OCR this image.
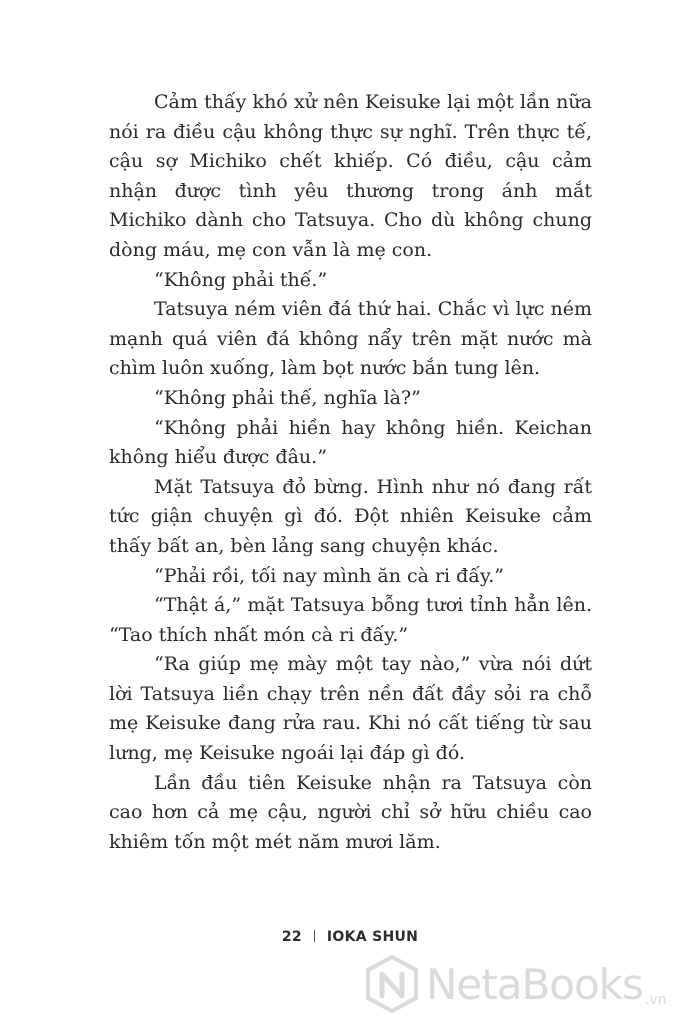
Cảm thấy khó xử nên Keisuke lại một lần nữa nói ra điều cậu không thực sự nghĩ. Trên thực tế, cậu sợ Michiko chết khiếp. Có điều, cậu cảm nhận được tình yêu thương trong ánh mắt Michiko dành cho Tatsuya. Cho dù không chung dòng máu, mẹ con vẫn là mẹ con.

“Không phải thế.”

Tatsuya ném viên đá thứ hai. Chắc vì lực ném mạnh quá viên đá không nẩy trên mặt nước mà chìm luôn xuống, làm bọt nước bắn tung lên.

“Không phải thế, nghĩa là?”

“Không phải hiền hay không hiền. Keichan không hiểu được đâu.”

Mặt Tatsuya đỏ bừng. Hình như nó đang rất tức giận chuyện gì đó. Đột nhiên Keisuke cảm thấy bất an, bèn lảng sang chuyện khác.

“Phải rồi, tối nay mình ăn cà ri đấy.”

“Thật á,” mặt Tatsuya bỗng tươi tỉnh hẳn lên. “Tao thích nhất món cà ri đấy.”

“Ra giúp mẹ mày một tay nào,” vừa nói dứt lời Tatsuya liền chạy trên nền đất đầy sỏi ra chỗ mẹ Keisuke đang rửa rau. Khi nó cất tiếng từ sau lưng, mẹ Keisuke ngoái lại đáp gì đó.

Lần đầu tiên Keisuke nhận ra Tatsuya còn cao hơn cả mẹ cậu, người chỉ sở hữu chiều cao khiêm tốn một mét năm mươi lăm.

22 IOKA SHUN
NetaBooks .vn
